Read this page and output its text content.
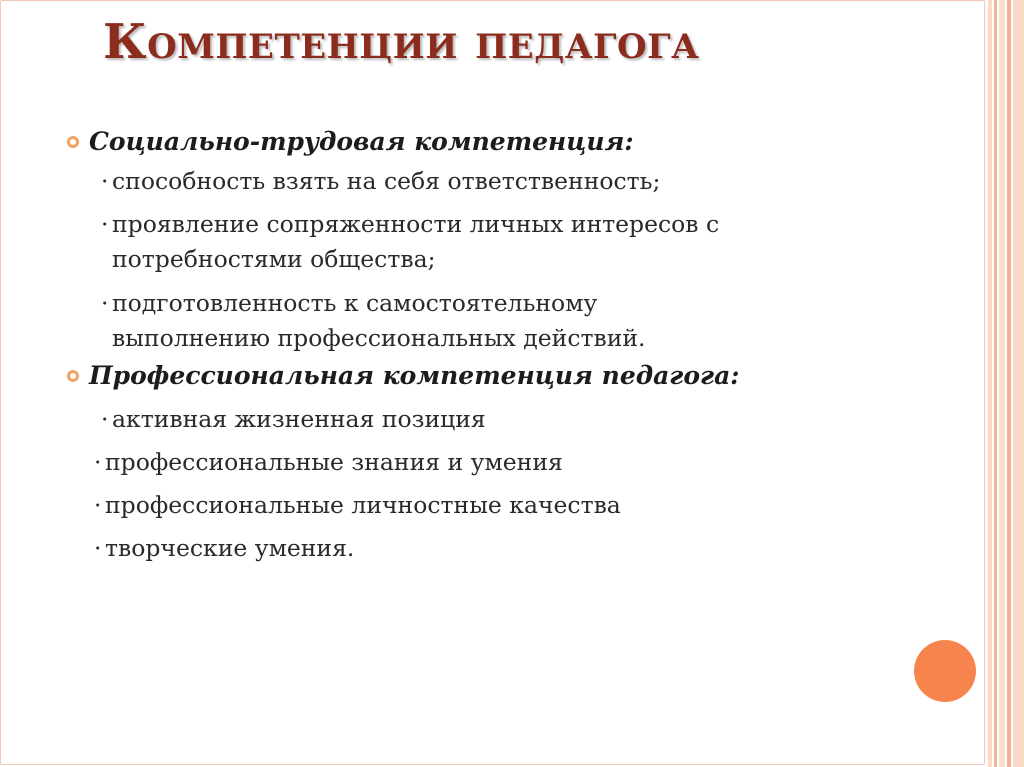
Компетенции педагога
Социально-трудовая компетенция:
· способность взять на себя ответственность;
· проявление сопряженности личных интересов с
потребностями общества;
· подготовленность к самостоятельному
выполнению профессиональных действий.
Профессиональная компетенция педагога:
· активная жизненная позиция
· профессиональные знания и умения
· профессиональные личностные качества
· творческие умения.
